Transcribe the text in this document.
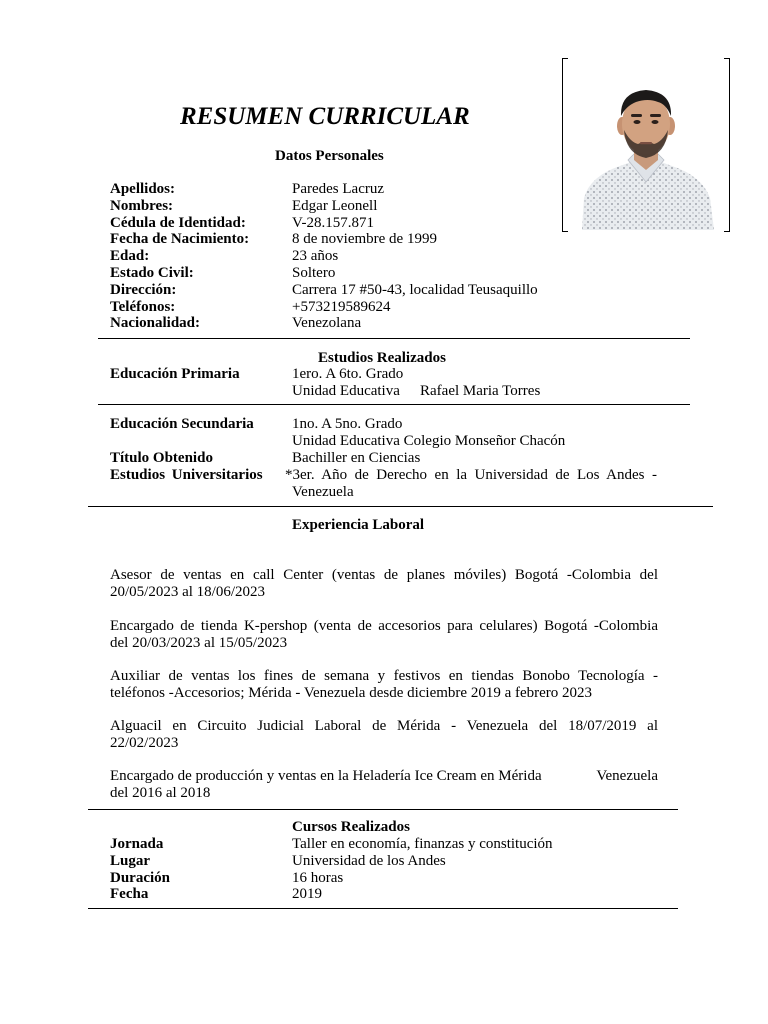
RESUMEN CURRICULAR
Datos Personales
Apellidos:	Paredes Lacruz
Nombres:	Edgar Leonell
Cédula de Identidad:	V-28.157.871
Fecha de Nacimiento:	8 de noviembre de 1999
Edad:	23 años
Estado Civil:	Soltero
Dirección:	Carrera 17 #50-43, localidad Teusaquillo
Teléfonos:	+573219589624
Nacionalidad:	Venezolana
Estudios Realizados
Educación Primaria	1ero. A 6to. Grado
Unidad Educativa Rafael Maria Torres
Educación Secundaria	1no. A 5no. Grado
Unidad Educativa Colegio Monseñor Chacón
Título Obtenido	Bachiller en Ciencias
Estudios Universitarios *3er. Año de Derecho en la Universidad de Los Andes -
Venezuela
Experiencia Laboral
Asesor de ventas en call Center (ventas de planes móviles) Bogotá -Colombia del
20/05/2023 al 18/06/2023
Encargado de tienda K-pershop (venta de accesorios para celulares) Bogotá -Colombia
del 20/03/2023 al 15/05/2023
Auxiliar de ventas los fines de semana y festivos en tiendas Bonobo Tecnología -
teléfonos -Accesorios; Mérida - Venezuela desde diciembre 2019 a febrero 2023
Alguacil en Circuito Judicial Laboral de Mérida - Venezuela del 18/07/2019 al
22/02/2023
Encargado de producción y ventas en la Heladería Ice Cream en Mérida	Venezuela
del 2016 al 2018
Cursos Realizados
Jornada	Taller en economía, finanzas y constitución
Lugar	Universidad de los Andes
Duración	16 horas
Fecha	2019
